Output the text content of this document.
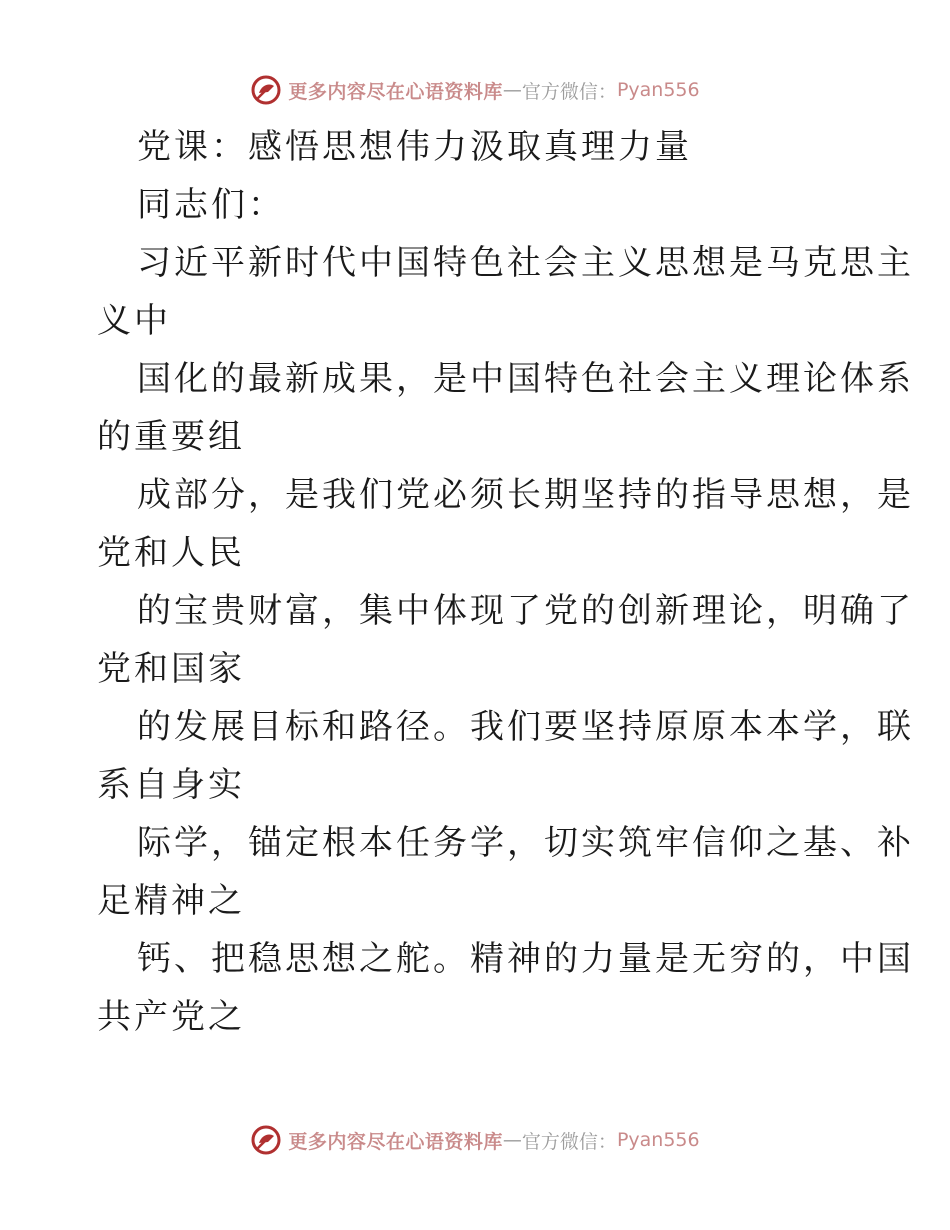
更多内容尽在心语资料库 — 官方微信： Pyan556
党课：感悟思想伟力汲取真理力量
同志们：
习近平新时代中国特色社会主义思想是马克思主
义中
国化的最新成果，是中国特色社会主义理论体系
的重要组
成部分，是我们党必须长期坚持的指导思想，是
党和人民
的宝贵财富，集中体现了党的创新理论，明确了
党和国家
的发展目标和路径。我们要坚持原原本本学，联
系自身实
际学，锚定根本任务学，切实筑牢信仰之基、补
足精神之
钙、把稳思想之舵。精神的力量是无穷的，中国
共产党之
更多内容尽在心语资料库 — 官方微信： Pyan556
